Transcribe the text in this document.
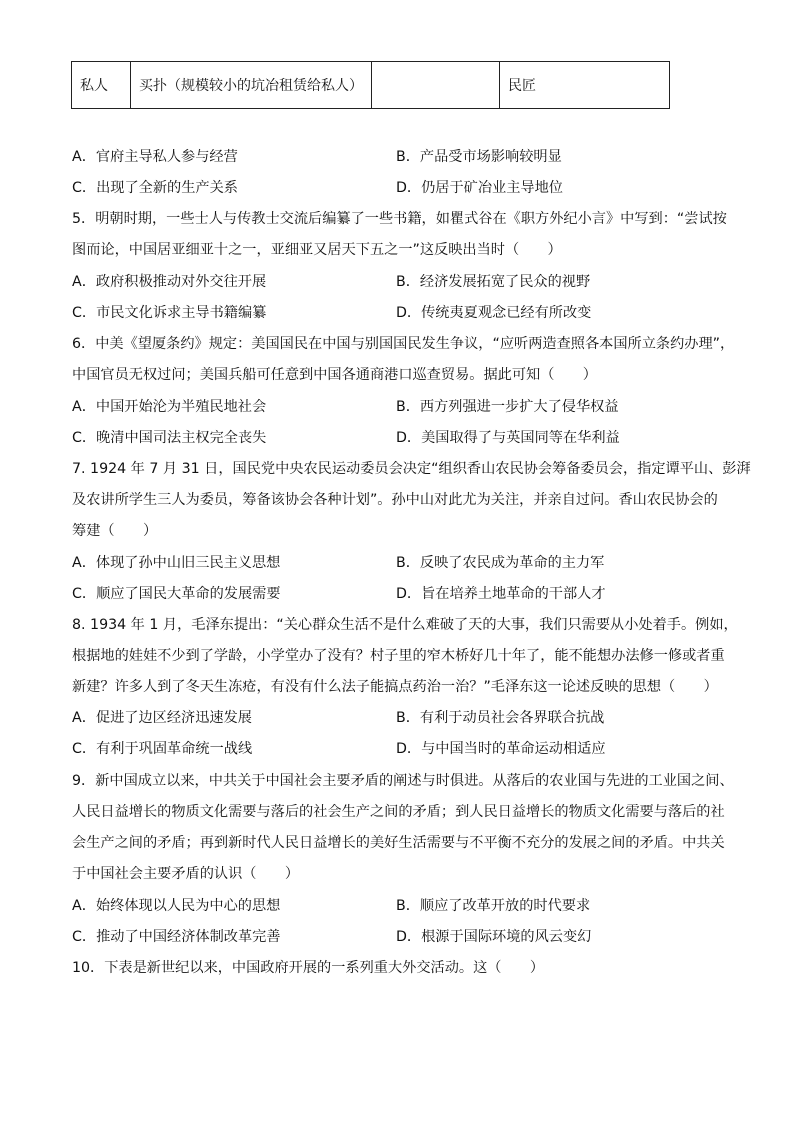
私人	买扑（规模较小的坑冶租赁给私人）		民匠
A．官府主导私人参与经营	B．产品受市场影响较明显
C．出现了全新的生产关系	D．仍居于矿冶业主导地位
5．明朝时期，一些士人与传教士交流后编纂了一些书籍，如瞿式谷在《职方外纪小言》中写到：“尝试按
图而论，中国居亚细亚十之一，亚细亚又居天下五之一”这反映出当时（　　）
A．政府积极推动对外交往开展	B．经济发展拓宽了民众的视野
C．市民文化诉求主导书籍编纂	D．传统夷夏观念已经有所改变
6．中美《望厦条约》规定：美国国民在中国与别国国民发生争议，“应听两造查照各本国所立条约办理”，
中国官员无权过问；美国兵船可任意到中国各通商港口巡查贸易。据此可知（　　）
A．中国开始沦为半殖民地社会	B．西方列强进一步扩大了侵华权益
C．晚清中国司法主权完全丧失	D．美国取得了与英国同等在华利益
7. 1924 年 7 月 31 日，国民党中央农民运动委员会决定“组织香山农民协会筹备委员会，指定谭平山、彭湃
及农讲所学生三人为委员，筹备该协会各种计划”。孙中山对此尤为关注，并亲自过问。香山农民协会的
筹建（　　）
A．体现了孙中山旧三民主义思想	B．反映了农民成为革命的主力军
C．顺应了国民大革命的发展需要	D．旨在培养土地革命的干部人才
8. 1934 年 1 月，毛泽东提出：“关心群众生活不是什么难破了天的大事，我们只需要从小处着手。例如，
根据地的娃娃不少到了学龄，小学堂办了没有？村子里的窄木桥好几十年了，能不能想办法修一修或者重
新建？许多人到了冬天生冻疮，有没有什么法子能搞点药治一治？”毛泽东这一论述反映的思想（　　）
A．促进了边区经济迅速发展	B．有利于动员社会各界联合抗战
C．有利于巩固革命统一战线	D．与中国当时的革命运动相适应
9．新中国成立以来，中共关于中国社会主要矛盾的阐述与时俱进。从落后的农业国与先进的工业国之间、
人民日益增长的物质文化需要与落后的社会生产之间的矛盾；到人民日益增长的物质文化需要与落后的社
会生产之间的矛盾；再到新时代人民日益增长的美好生活需要与不平衡不充分的发展之间的矛盾。中共关
于中国社会主要矛盾的认识（　　）
A．始终体现以人民为中心的思想	B．顺应了改革开放的时代要求
C．推动了中国经济体制改革完善	D．根源于国际环境的风云变幻
10．下表是新世纪以来，中国政府开展的一系列重大外交活动。这（　　）
